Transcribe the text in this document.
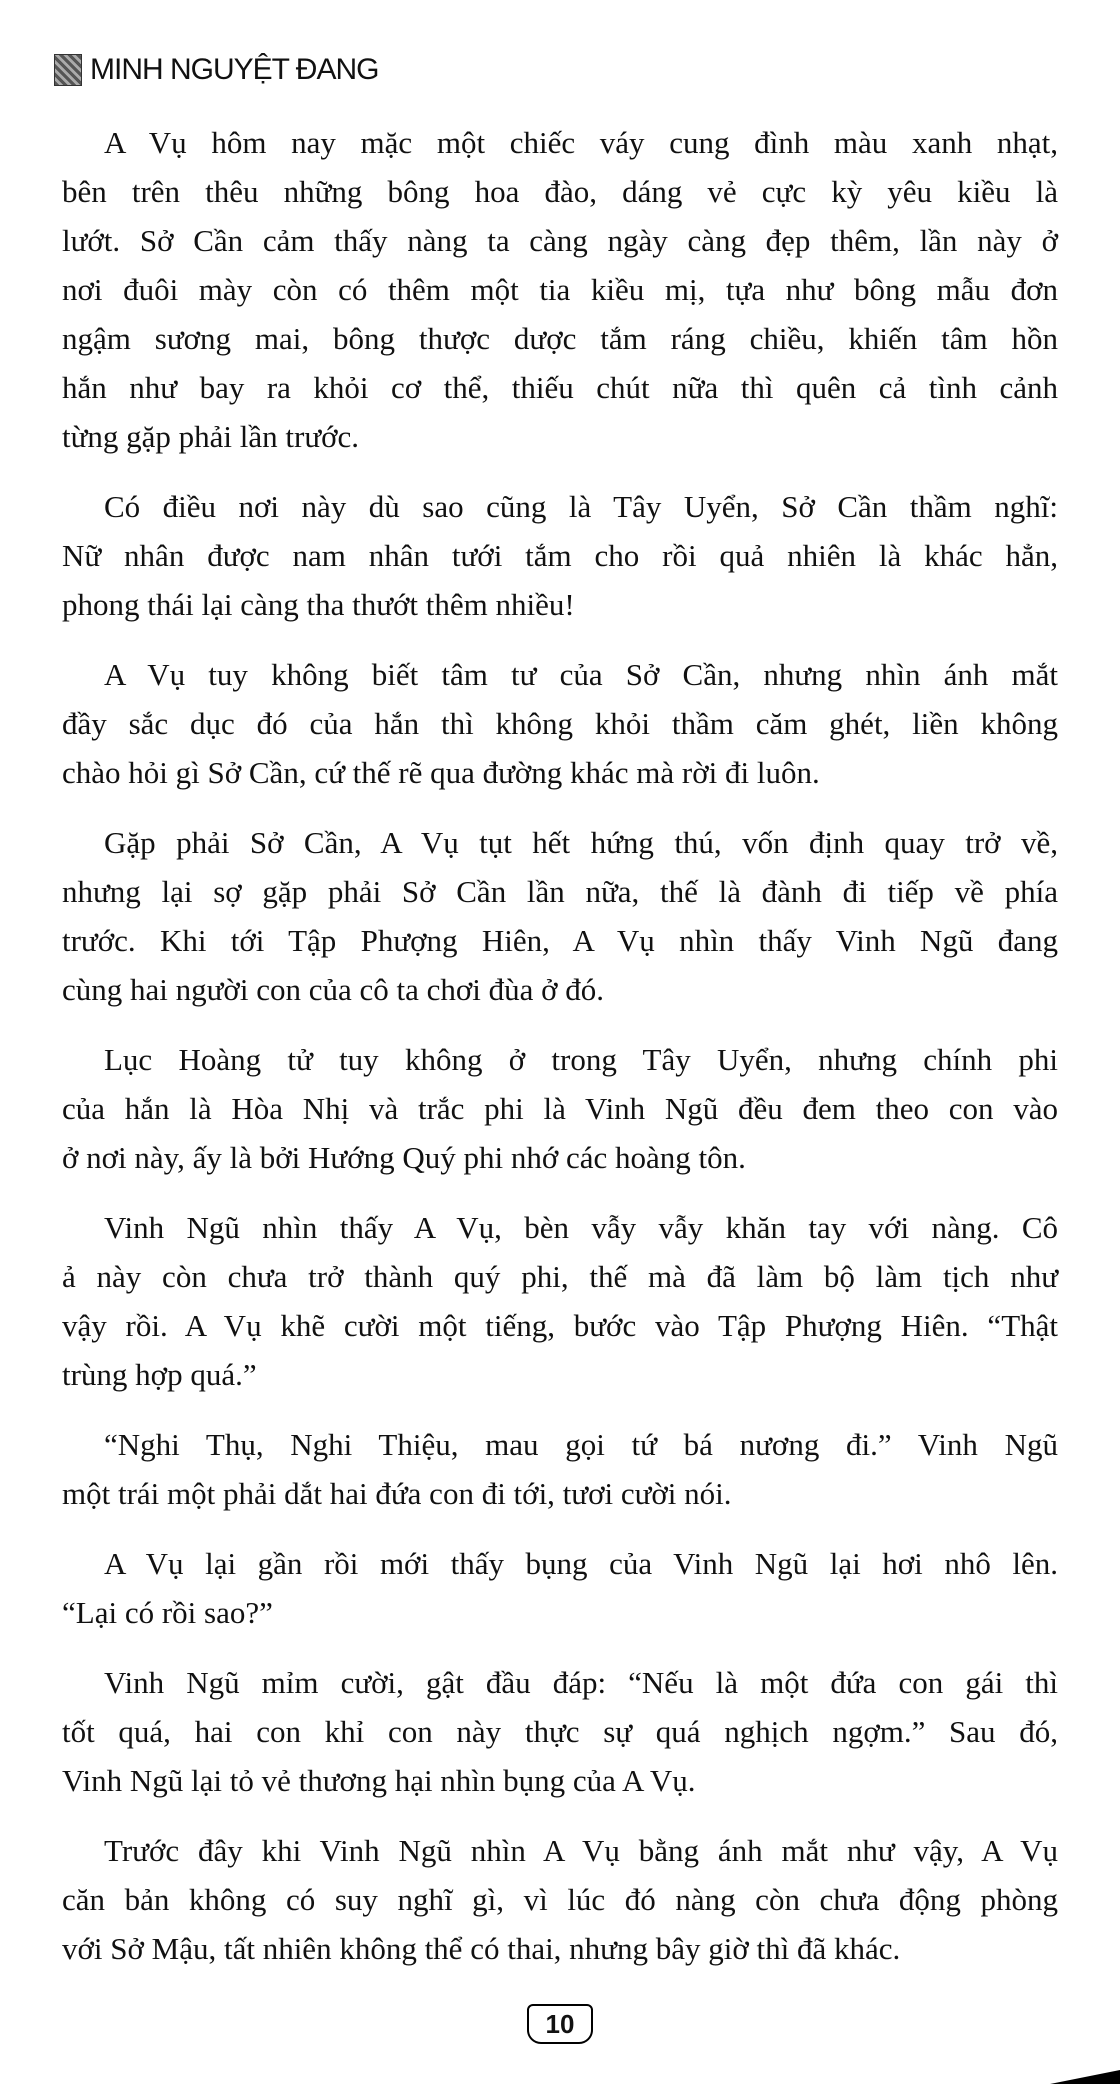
MINH NGUYỆT ĐANG
A Vụ hôm nay mặc một chiếc váy cung đình màu xanh nhạt,
bên trên thêu những bông hoa đào, dáng vẻ cực kỳ yêu kiều là
lướt. Sở Cần cảm thấy nàng ta càng ngày càng đẹp thêm, lần này ở
nơi đuôi mày còn có thêm một tia kiều mị, tựa như bông mẫu đơn
ngậm sương mai, bông thược dược tắm ráng chiều, khiến tâm hồn
hắn như bay ra khỏi cơ thể, thiếu chút nữa thì quên cả tình cảnh
từng gặp phải lần trước.
Có điều nơi này dù sao cũng là Tây Uyển, Sở Cần thầm nghĩ:
Nữ nhân được nam nhân tưới tắm cho rồi quả nhiên là khác hẳn,
phong thái lại càng tha thướt thêm nhiều!
A Vụ tuy không biết tâm tư của Sở Cần, nhưng nhìn ánh mắt
đầy sắc dục đó của hắn thì không khỏi thầm căm ghét, liền không
chào hỏi gì Sở Cần, cứ thế rẽ qua đường khác mà rời đi luôn.
Gặp phải Sở Cần, A Vụ tụt hết hứng thú, vốn định quay trở về,
nhưng lại sợ gặp phải Sở Cần lần nữa, thế là đành đi tiếp về phía
trước. Khi tới Tập Phượng Hiên, A Vụ nhìn thấy Vinh Ngũ đang
cùng hai người con của cô ta chơi đùa ở đó.
Lục Hoàng tử tuy không ở trong Tây Uyển, nhưng chính phi
của hắn là Hòa Nhị và trắc phi là Vinh Ngũ đều đem theo con vào
ở nơi này, ấy là bởi Hướng Quý phi nhớ các hoàng tôn.
Vinh Ngũ nhìn thấy A Vụ, bèn vẫy vẫy khăn tay với nàng. Cô
ả này còn chưa trở thành quý phi, thế mà đã làm bộ làm tịch như
vậy rồi. A Vụ khẽ cười một tiếng, bước vào Tập Phượng Hiên. “Thật
trùng hợp quá.”
“Nghi Thụ, Nghi Thiệu, mau gọi tứ bá nương đi.” Vinh Ngũ
một trái một phải dắt hai đứa con đi tới, tươi cười nói.
A Vụ lại gần rồi mới thấy bụng của Vinh Ngũ lại hơi nhô lên.
“Lại có rồi sao?”
Vinh Ngũ mỉm cười, gật đầu đáp: “Nếu là một đứa con gái thì
tốt quá, hai con khỉ con này thực sự quá nghịch ngợm.” Sau đó,
Vinh Ngũ lại tỏ vẻ thương hại nhìn bụng của A Vụ.
Trước đây khi Vinh Ngũ nhìn A Vụ bằng ánh mắt như vậy, A Vụ
căn bản không có suy nghĩ gì, vì lúc đó nàng còn chưa động phòng
với Sở Mậu, tất nhiên không thể có thai, nhưng bây giờ thì đã khác.
10
